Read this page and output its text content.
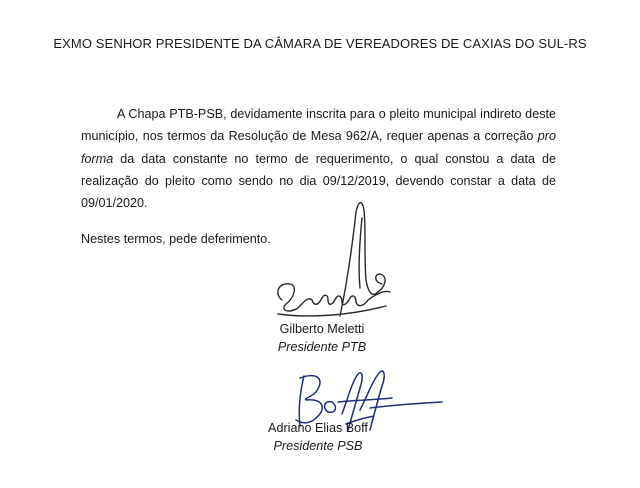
EXMO SENHOR PRESIDENTE DA CÂMARA DE VEREADORES DE CAXIAS DO SUL-RS

A Chapa PTB-PSB, devidamente inscrita para o pleito municipal indireto deste município, nos termos da Resolução de Mesa 962/A, requer apenas a correção pro forma da data constante no termo de requerimento, o qual constou a data de realização do pleito como sendo no dia 09/12/2019, devendo constar a data de 09/01/2020.

Nestes termos, pede deferimento.
Gilberto Meletti
Presidente PTB
Adriano Elias Boff
Presidente PSB
